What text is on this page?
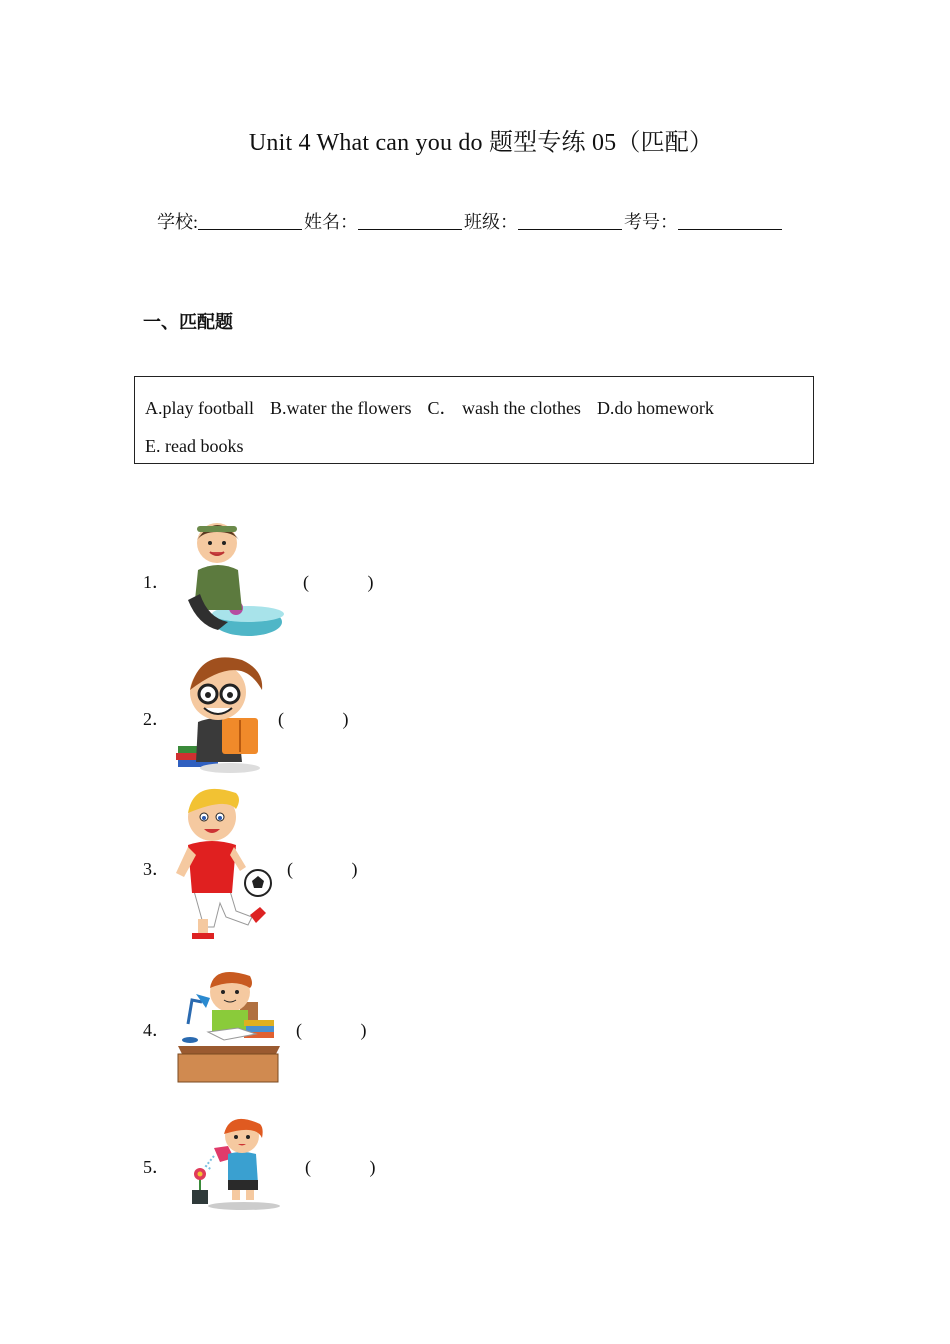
Unit 4 What can you do 题型专练 05（匹配）
学校:	姓名：	班级：	考号：
一、匹配题
A.play football B.water the flowers C． wash the clothes D.do homeworkE. read books
1．	(　　　 )
2．	(　　　 )
3．	(　　　 )
4．	(　　　 )
5．	(　　　 )
